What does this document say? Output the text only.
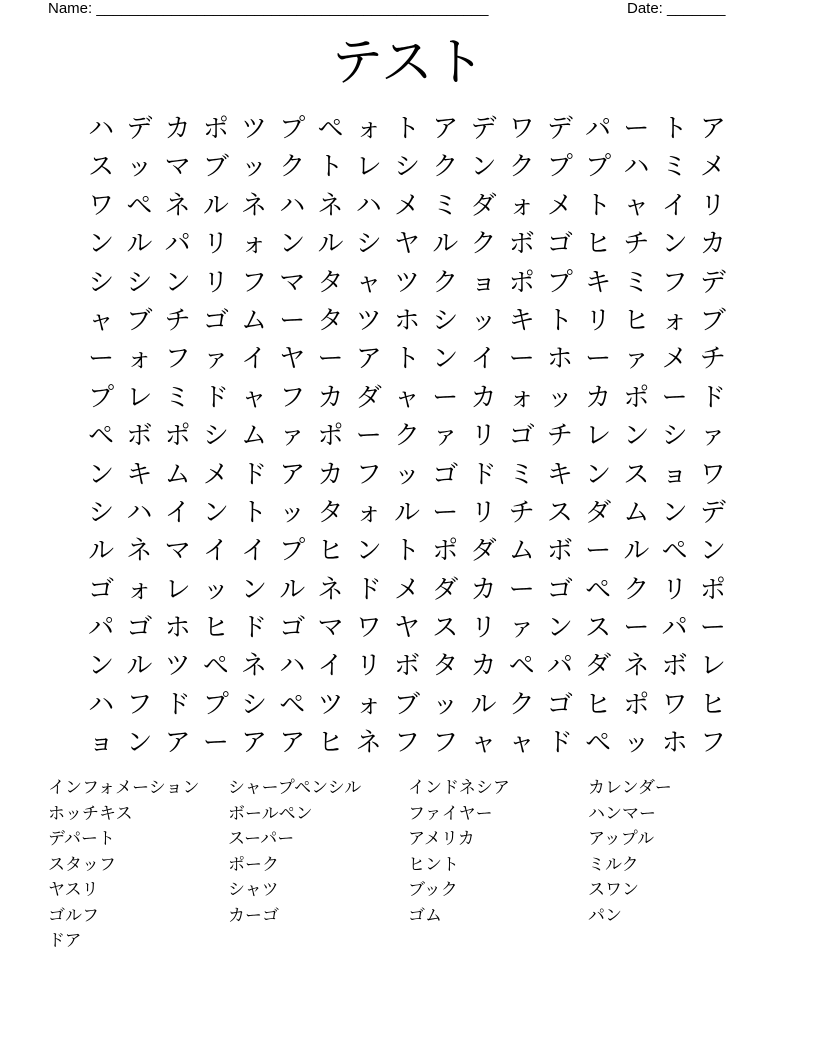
Name: _______________________________________________	Date: _______
テスト
ハ デ カ ポ ツ プ ペ ォ ト ア デ ワ デ パ ー ト ア
ス ッ マ ブ ッ ク ト レ シ ク ン ク プ プ ハ ミ メ
ワ ペ ネ ル ネ ハ ネ ハ メ ミ ダ ォ メ ト ャ イ リ
ン ル パ リ ォ ン ル シ ヤ ル ク ボ ゴ ヒ チ ン カ
シ シ ン リ フ マ タ ャ ツ ク ョ ポ プ キ ミ フ デ
ャ ブ チ ゴ ム ー タ ツ ホ シ ッ キ ト リ ヒ ォ ブ
ー ォ フ ァ イ ヤ ー ア ト ン イ ー ホ ー ァ メ チ
プ レ ミ ド ャ フ カ ダ ャ ー カ ォ ッ カ ポ ー ド
ペ ボ ポ シ ム ァ ポ ー ク ァ リ ゴ チ レ ン シ ァ
ン キ ム メ ド ア カ フ ッ ゴ ド ミ キ ン ス ョ ワ
シ ハ イ ン ト ッ タ ォ ル ー リ チ ス ダ ム ン デ
ル ネ マ イ イ プ ヒ ン ト ポ ダ ム ボ ー ル ペ ン
ゴ ォ レ ッ ン ル ネ ド メ ダ カ ー ゴ ペ ク リ ポ
パ ゴ ホ ヒ ド ゴ マ ワ ヤ ス リ ァ ン ス ー パ ー
ン ル ツ ペ ネ ハ イ リ ボ タ カ ペ パ ダ ネ ボ レ
ハ フ ド プ シ ペ ツ ォ ブ ッ ル ク ゴ ヒ ポ ワ ヒ
ョ ン ア ー ア ア ヒ ネ フ フ ャ ャ ド ペ ッ ホ フ
インフォメーション	シャープペンシル	インドネシア	カレンダー
ホッチキス	ボールペン	ファイヤー	ハンマー
デパート	スーパー	アメリカ	アップル
スタッフ	ポーク	ヒント	ミルク
ヤスリ	シャツ	ブック	スワン
ゴルフ	カーゴ	ゴム	パン
ドア
